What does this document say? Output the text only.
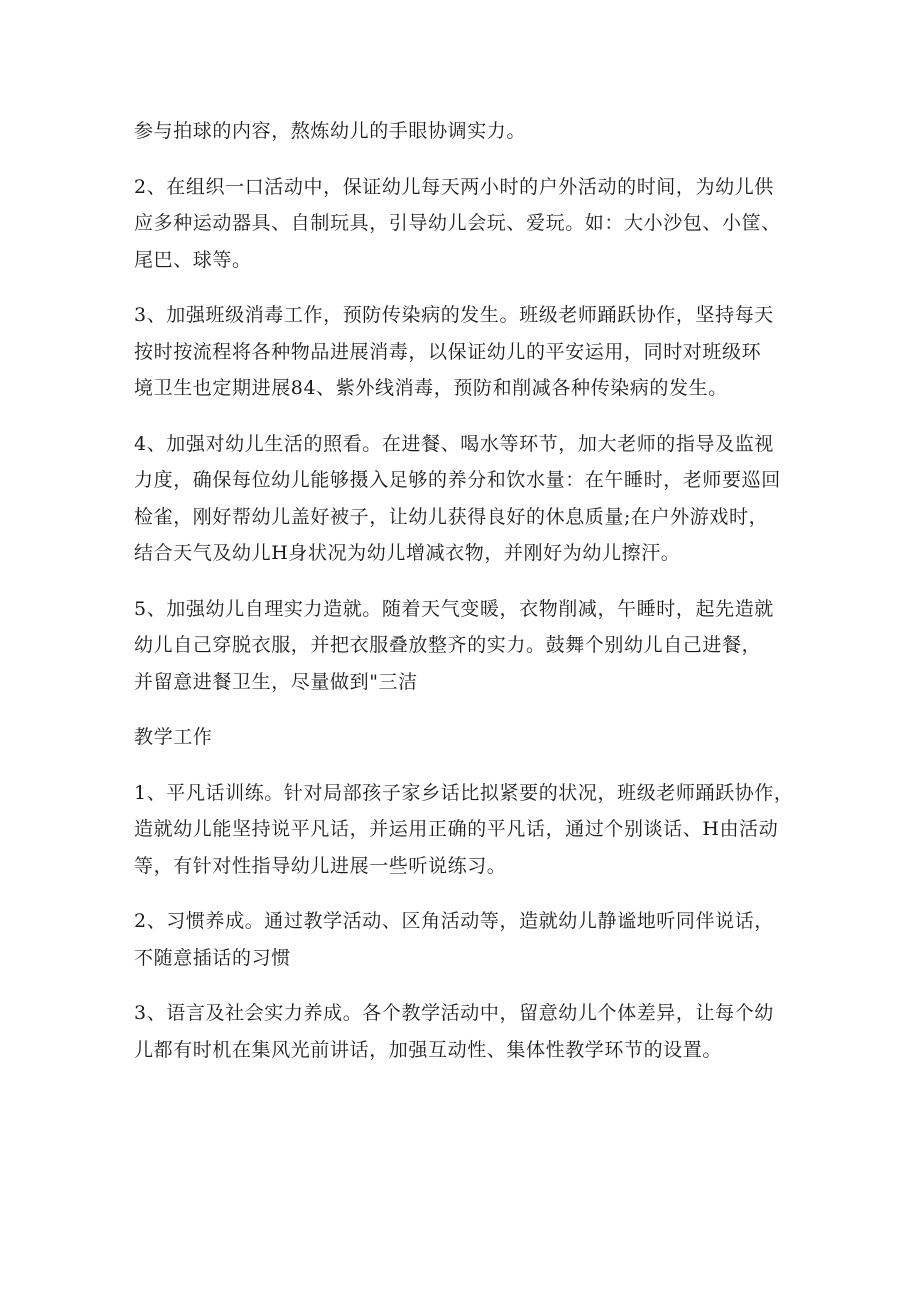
参与拍球的内容，熬炼幼儿的手眼协调实力。

2、在组织一口活动中，保证幼儿每天两小时的户外活动的时间，为幼儿供
应多种运动器具、自制玩具，引导幼儿会玩、爱玩。如：大小沙包、小筐、
尾巴、球等。

3、加强班级消毒工作，预防传染病的发生。班级老师踊跃协作，坚持每天
按时按流程将各种物品进展消毒，以保证幼儿的平安运用，同时对班级环
境卫生也定期进展84、紫外线消毒，预防和削减各种传染病的发生。

4、加强对幼儿生活的照看。在进餐、喝水等环节，加大老师的指导及监视
力度，确保每位幼儿能够摄入足够的养分和饮水量：在午睡时，老师要巡回
检雀，刚好帮幼儿盖好被子，让幼儿获得良好的休息质量;在户外游戏时，
结合天气及幼儿H身状况为幼儿增减衣物，并刚好为幼儿擦汗。

5、加强幼儿自理实力造就。随着天气变暖，衣物削减，午睡时，起先造就
幼儿自己穿脱衣服，并把衣服叠放整齐的实力。鼓舞个别幼儿自己进餐，
并留意进餐卫生，尽量做到"三洁

教学工作

1、平凡话训练。针对局部孩子家乡话比拟紧要的状况，班级老师踊跃协作，
造就幼儿能坚持说平凡话，并运用正确的平凡话，通过个别谈话、H由活动
等，有针对性指导幼儿进展一些听说练习。

2、习惯养成。通过教学活动、区角活动等，造就幼儿静谧地听同伴说话，
不随意插话的习惯

3、语言及社会实力养成。各个教学活动中，留意幼儿个体差异，让每个幼
儿都有时机在集风光前讲话，加强互动性、集体性教学环节的设置。
